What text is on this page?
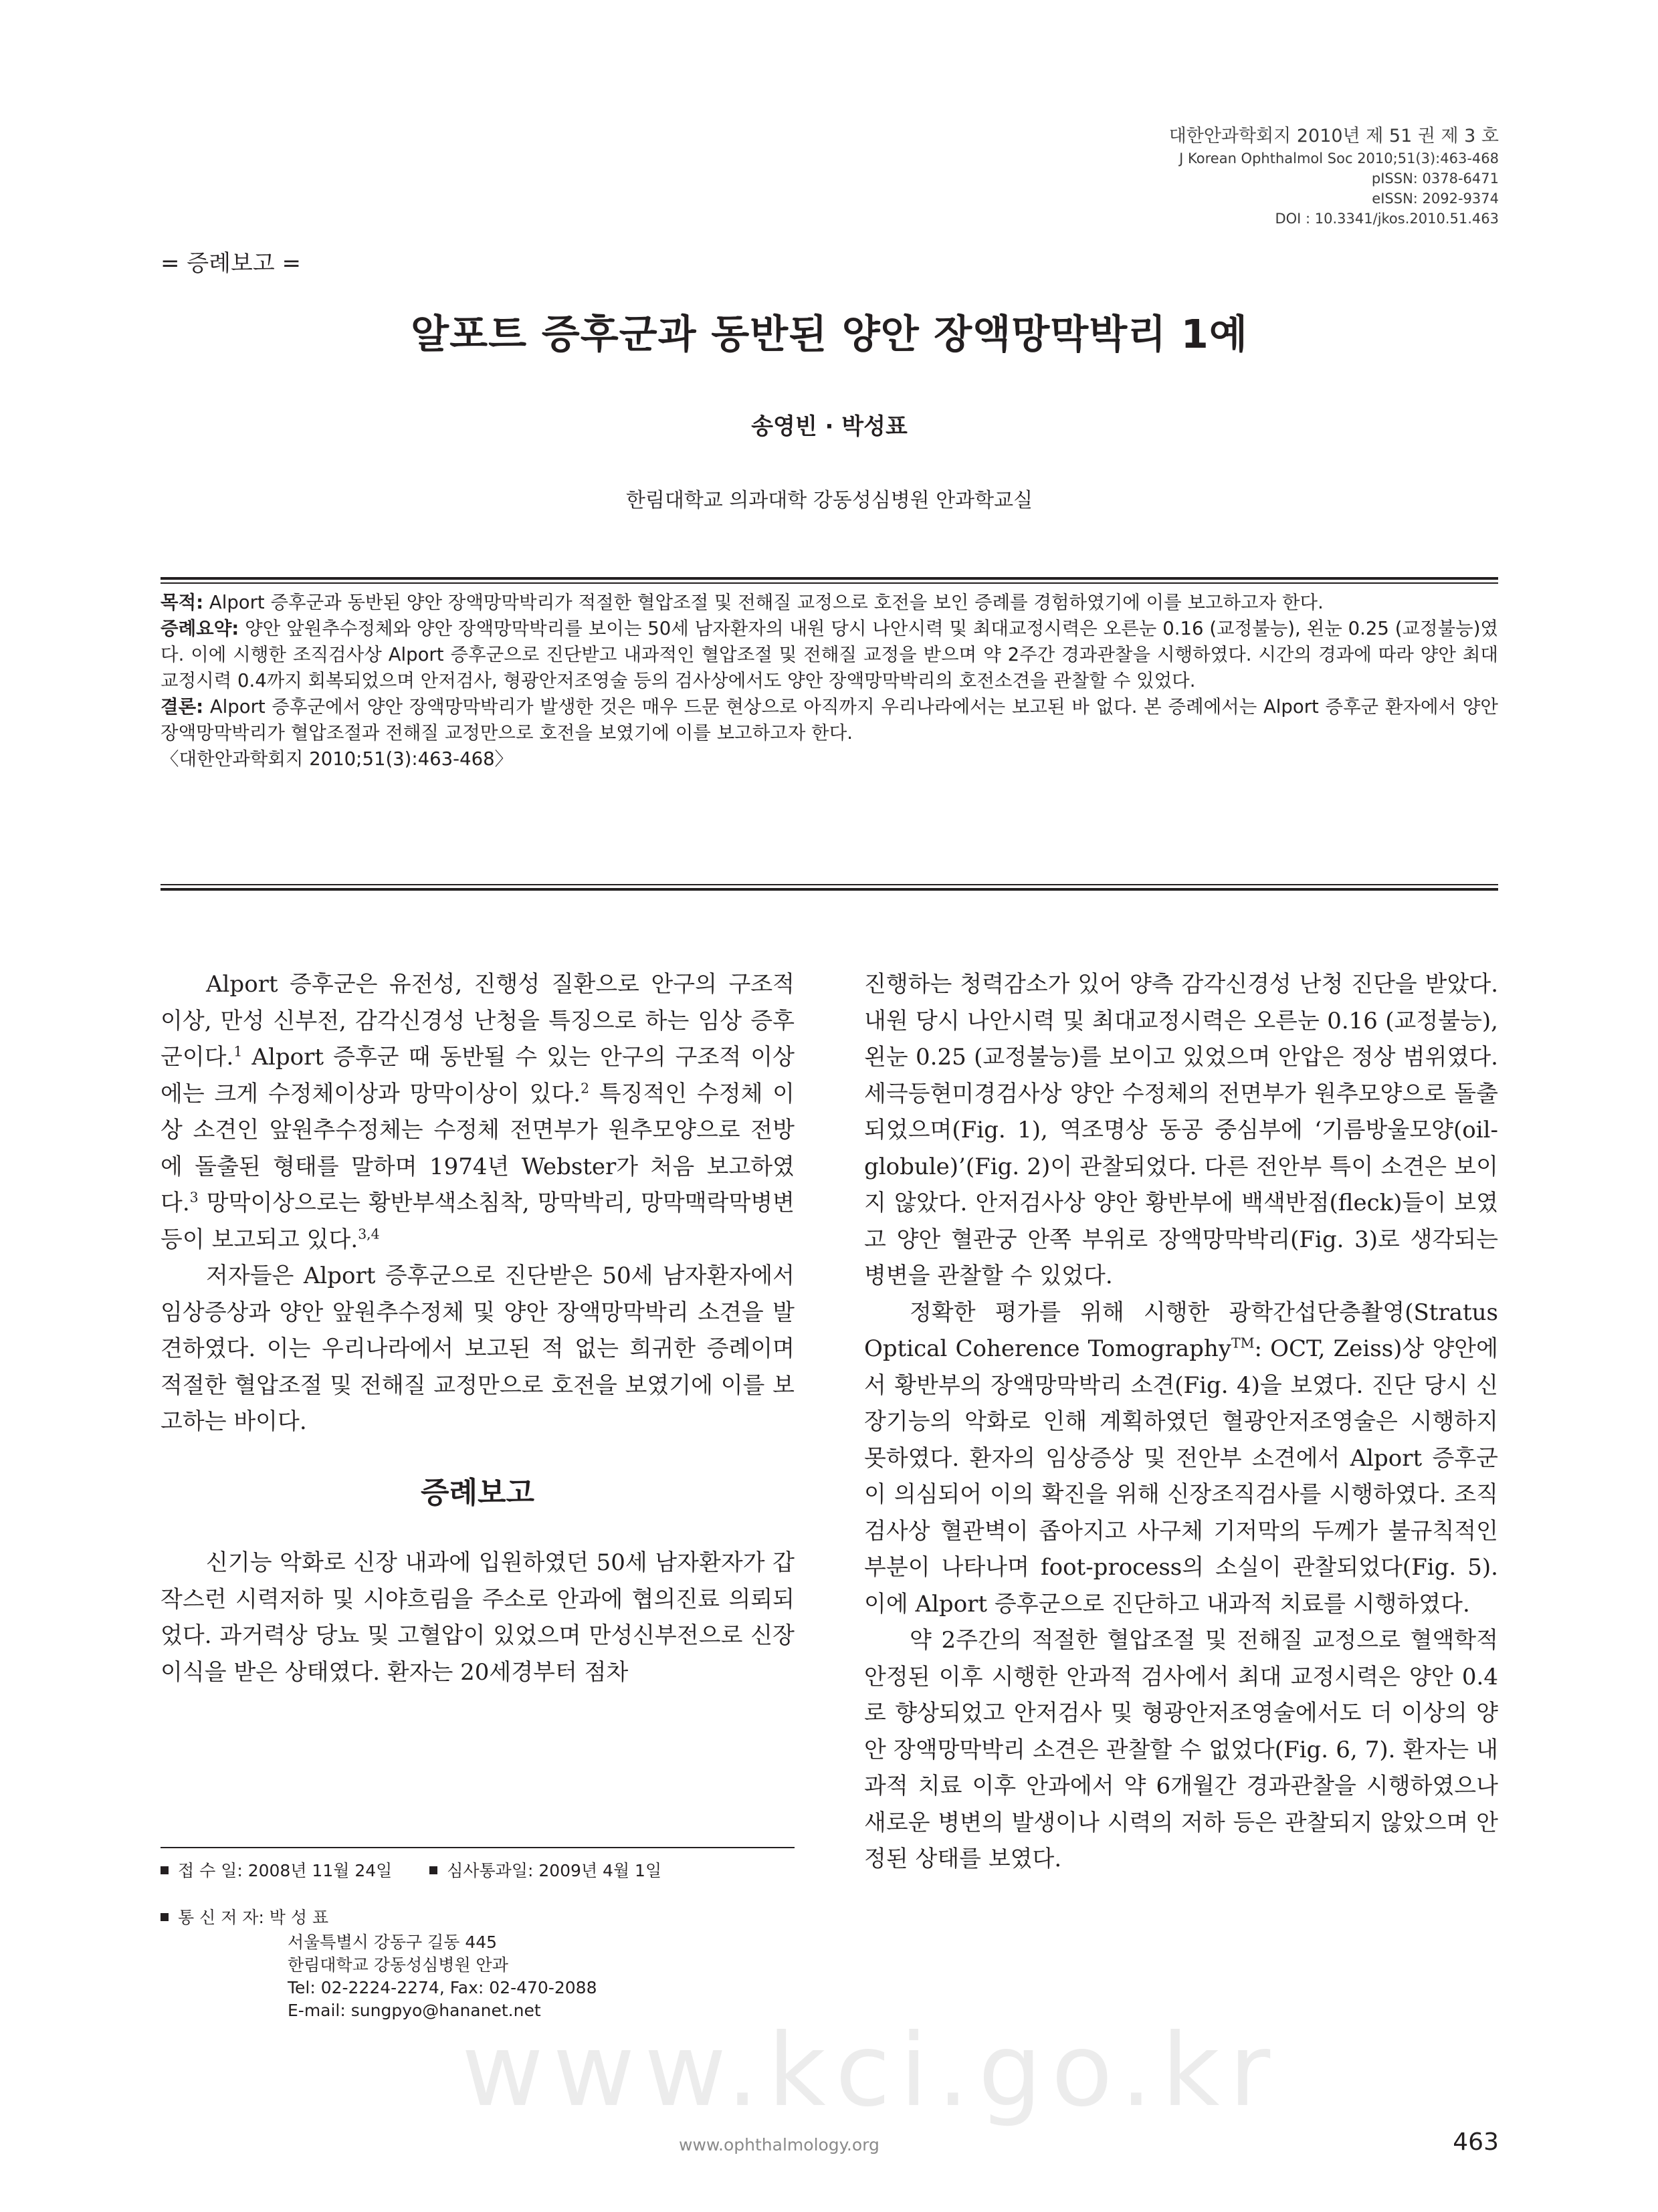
대한안과학회지 2010년 제 51 권 제 3 호
J Korean Ophthalmol Soc 2010;51(3):463-468
pISSN: 0378-6471
eISSN: 2092-9374
DOI : 10.3341/jkos.2010.51.463
= 증례보고 =
알포트 증후군과 동반된 양안 장액망막박리 1예
송영빈 · 박성표
한림대학교 의과대학 강동성심병원 안과학교실

목적: Alport 증후군과 동반된 양안 장액망막박리가 적절한 혈압조절 및 전해질 교정으로 호전을 보인 증례를 경험하였기에 이를 보고하고자 한다.

증례요약: 양안 앞원추수정체와 양안 장액망막박리를 보이는 50세 남자환자의 내원 당시 나안시력 및 최대교정시력은 오른눈 0.16 (교정불능), 왼눈 0.25 (교정불능)였다. 이에 시행한 조직검사상 Alport 증후군으로 진단받고 내과적인 혈압조절 및 전해질 교정을 받으며 약 2주간 경과관찰을 시행하였다. 시간의 경과에 따라 양안 최대교정시력 0.4까지 회복되었으며 안저검사, 형광안저조영술 등의 검사상에서도 양안 장액망막박리의 호전소견을 관찰할 수 있었다.

결론: Alport 증후군에서 양안 장액망막박리가 발생한 것은 매우 드문 현상으로 아직까지 우리나라에서는 보고된 바 없다. 본 증례에서는 Alport 증후군 환자에서 양안 장액망막박리가 혈압조절과 전해질 교정만으로 호전을 보였기에 이를 보고하고자 한다.

〈대한안과학회지 2010;51(3):463-468〉

Alport 증후군은 유전성, 진행성 질환으로 안구의 구조적 이상, 만성 신부전, 감각신경성 난청을 특징으로 하는 임상 증후군이다.$^1$ Alport 증후군 때 동반될 수 있는 안구의 구조적 이상에는 크게 수정체이상과 망막이상이 있다.$^2$ 특징적인 수정체 이상 소견인 앞원추수정체는 수정체 전면부가 원추모양으로 전방에 돌출된 형태를 말하며 1974년 Webster가 처음 보고하였다.$^3$ 망막이상으로는 황반부색소침착, 망막박리, 망막맥락막병변 등이 보고되고 있다.$^{3,4}$

저자들은 Alport 증후군으로 진단받은 50세 남자환자에서 임상증상과 양안 앞원추수정체 및 양안 장액망막박리 소견을 발견하였다. 이는 우리나라에서 보고된 적 없는 희귀한 증례이며 적절한 혈압조절 및 전해질 교정만으로 호전을 보였기에 이를 보고하는 바이다.

증례보고

신기능 악화로 신장 내과에 입원하였던 50세 남자환자가 갑작스런 시력저하 및 시야흐림을 주소로 안과에 협의진료 의뢰되었다. 과거력상 당뇨 및 고혈압이 있었으며 만성신부전으로 신장이식을 받은 상태였다. 환자는 20세경부터 점차

진행하는 청력감소가 있어 양측 감각신경성 난청 진단을 받았다. 내원 당시 나안시력 및 최대교정시력은 오른눈 0.16 (교정불능), 왼눈 0.25 (교정불능)를 보이고 있었으며 안압은 정상 범위였다. 세극등현미경검사상 양안 수정체의 전면부가 원추모양으로 돌출되었으며(Fig. 1), 역조명상 동공 중심부에 ‘기름방울모양(oil-globule)’(Fig. 2)이 관찰되었다. 다른 전안부 특이 소견은 보이지 않았다. 안저검사상 양안 황반부에 백색반점(fleck)들이 보였고 양안 혈관궁 안쪽 부위로 장액망막박리(Fig. 3)로 생각되는 병변을 관찰할 수 있었다.

정확한 평가를 위해 시행한 광학간섭단층촬영(Stratus Optical Coherence Tomography™: OCT, Zeiss)상 양안에서 황반부의 장액망막박리 소견(Fig. 4)을 보였다. 진단 당시 신장기능의 악화로 인해 계획하였던 혈광안저조영술은 시행하지 못하였다. 환자의 임상증상 및 전안부 소견에서 Alport 증후군이 의심되어 이의 확진을 위해 신장조직검사를 시행하였다. 조직검사상 혈관벽이 좁아지고 사구체 기저막의 두께가 불규칙적인 부분이 나타나며 foot-process의 소실이 관찰되었다(Fig. 5). 이에 Alport 증후군으로 진단하고 내과적 치료를 시행하였다.

약 2주간의 적절한 혈압조절 및 전해질 교정으로 혈액학적 안정된 이후 시행한 안과적 검사에서 최대 교정시력은 양안 0.4로 향상되었고 안저검사 및 형광안저조영술에서도 더 이상의 양안 장액망막박리 소견은 관찰할 수 없었다(Fig. 6, 7). 환자는 내과적 치료 이후 안과에서 약 6개월간 경과관찰을 시행하였으나 새로운 병변의 발생이나 시력의 저하 등은 관찰되지 않았으며 안정된 상태를 보였다.

접 수 일: 2008년 11월 24일	심사통과일: 2009년 4월 1일
통 신 저 자: 박 성 표
서울특별시 강동구 길동 445
한림대학교 강동성심병원 안과
Tel: 02-2224-2274, Fax: 02-470-2088
E-mail: sungpyo@hananet.net
www.kci.go.kr
www.ophthalmology.org	463
